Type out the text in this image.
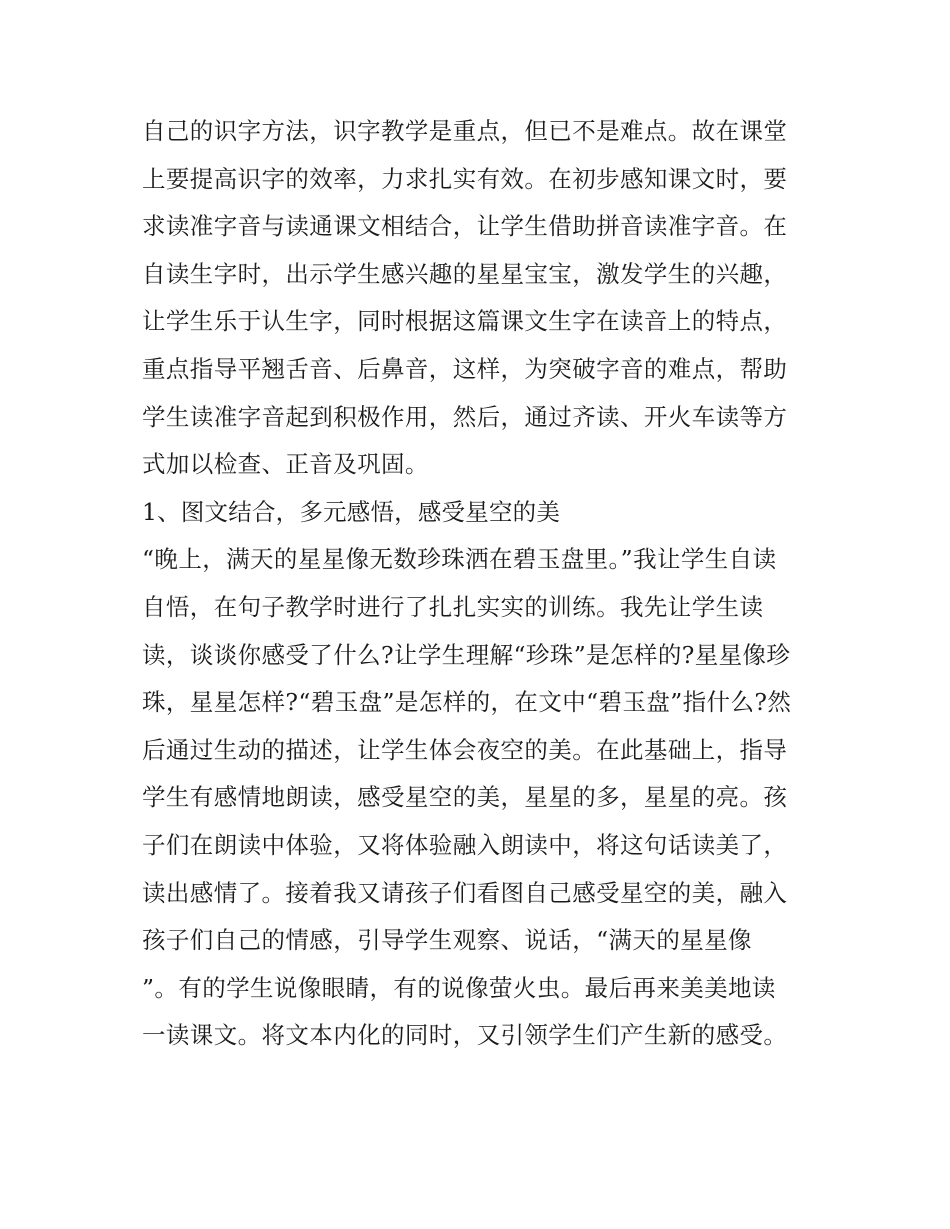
自己的识字方法，识字教学是重点，但已不是难点。故在课堂
上要提高识字的效率，力求扎实有效。在初步感知课文时，要
求读准字音与读通课文相结合，让学生借助拼音读准字音。在
自读生字时，出示学生感兴趣的星星宝宝，激发学生的兴趣，
让学生乐于认生字，同时根据这篇课文生字在读音上的特点，
重点指导平翘舌音、后鼻音，这样，为突破字音的难点，帮助
学生读准字音起到积极作用，然后，通过齐读、开火车读等方
式加以检查、正音及巩固。
1、图文结合，多元感悟，感受星空的美
“晚上，满天的星星像无数珍珠洒在碧玉盘里。”我让学生自读
自悟，在句子教学时进行了扎扎实实的训练。我先让学生读
读，谈谈你感受了什么?让学生理解“珍珠”是怎样的?星星像珍
珠，星星怎样?“碧玉盘”是怎样的，在文中“碧玉盘”指什么?然
后通过生动的描述，让学生体会夜空的美。在此基础上，指导
学生有感情地朗读，感受星空的美，星星的多，星星的亮。孩
子们在朗读中体验，又将体验融入朗读中，将这句话读美了，
读出感情了。接着我又请孩子们看图自己感受星空的美，融入
孩子们自己的情感，引导学生观察、说话，“满天的星星像
”。有的学生说像眼睛，有的说像萤火虫。最后再来美美地读
一读课文。将文本内化的同时，又引领学生们产生新的感受。
